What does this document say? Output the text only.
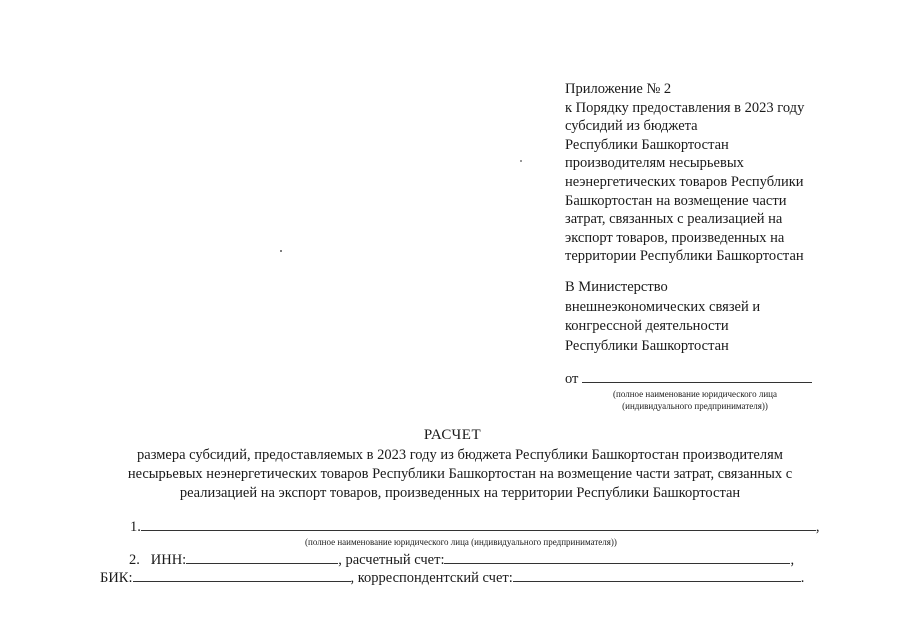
Приложение № 2
к Порядку предоставления в 2023 году
субсидий из бюджета
Республики Башкортостан
производителям несырьевых
неэнергетических товаров Республики
Башкортостан на возмещение части
затрат, связанных с реализацией на
экспорт товаров, произведенных на
территории Республики Башкортостан
В Министерство
внешнеэкономических связей и
конгрессной деятельности
Республики Башкортостан
от
(полное наименование юридического лица
(индивидуального предпринимателя))
РАСЧЕТ
размера субсидий, предоставляемых в 2023 году из бюджета Республики Башкортостан производителям
несырьевых неэнергетических товаров Республики Башкортостан на возмещение части затрат, связанных с
реализацией на экспорт товаров, произведенных на территории Республики Башкортостан
1.	,
(полное наименование юридического лица (индивидуального предпринимателя))
2. ИНН:	, расчетный счет:	,
БИК:	, корреспондентский счет:	.
